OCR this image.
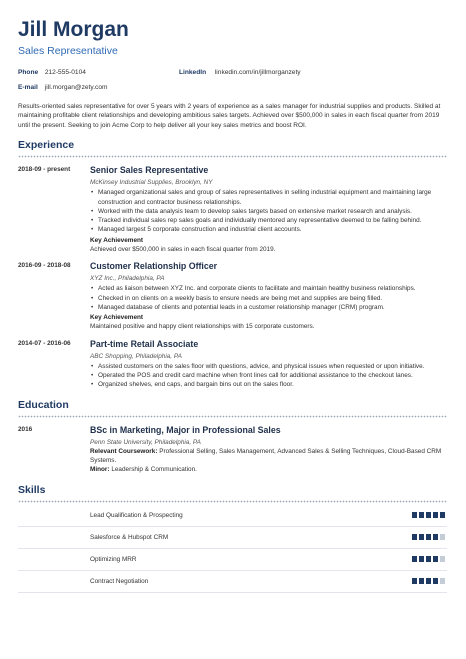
Jill Morgan
Sales Representative
Phone 212-555-0104	LinkedIn linkedin.com/in/jillmorganzety
E-mail jill.morgan@zety.com
Results-oriented sales representative for over 5 years with 2 years of experience as a sales manager for industrial supplies and products. Skilled at maintaining profitable client relationships and developing ambitious sales targets. Achieved over $500,000 in sales in each fiscal quarter from 2019 until the present. Seeking to join Acme Corp to help deliver all your key sales metrics and boost ROI.
Experience
2018-09 - present	Senior Sales Representative
McKinsey Industrial Supplies, Brooklyn, NY
• Managed organizational sales and group of sales representatives in selling industrial equipment and maintaining large construction and contractor business relationships.
• Worked with the data analysis team to develop sales targets based on extensive market research and analysis.
• Tracked individual sales rep sales goals and individually mentored any representative deemed to be falling behind.
• Managed largest 5 corporate construction and industrial client accounts.
Key Achievement
Achieved over $500,000 in sales in each fiscal quarter from 2019.
2016-09 - 2018-08	Customer Relationship Officer
XYZ Inc., Philadelphia, PA
• Acted as liaison between XYZ Inc. and corporate clients to facilitate and maintain healthy business relationships.
• Checked in on clients on a weekly basis to ensure needs are being met and supplies are being filled.
• Managed database of clients and potential leads in a customer relationship manager (CRM) program.
Key Achievement
Maintained positive and happy client relationships with 15 corporate customers.
2014-07 - 2016-06	Part-time Retail Associate
ABC Shopping, Philadelphia, PA
• Assisted customers on the sales floor with questions, advice, and physical issues when requested or upon initiative.
• Operated the POS and credit card machine when front lines call for additional assistance to the checkout lanes.
• Organized shelves, end caps, and bargain bins out on the sales floor.
Education
2016	BSc in Marketing, Major in Professional Sales
Penn State University, Philadelphia, PA
Relevant Coursework: Professional Selling, Sales Management, Advanced Sales & Selling Techniques, Cloud-Based CRM Systems.
Minor: Leadership & Communication.
Skills
Lead Qualification & Prospecting
Salesforce & Hubspot CRM
Optimizing MRR
Contract Negotiation
